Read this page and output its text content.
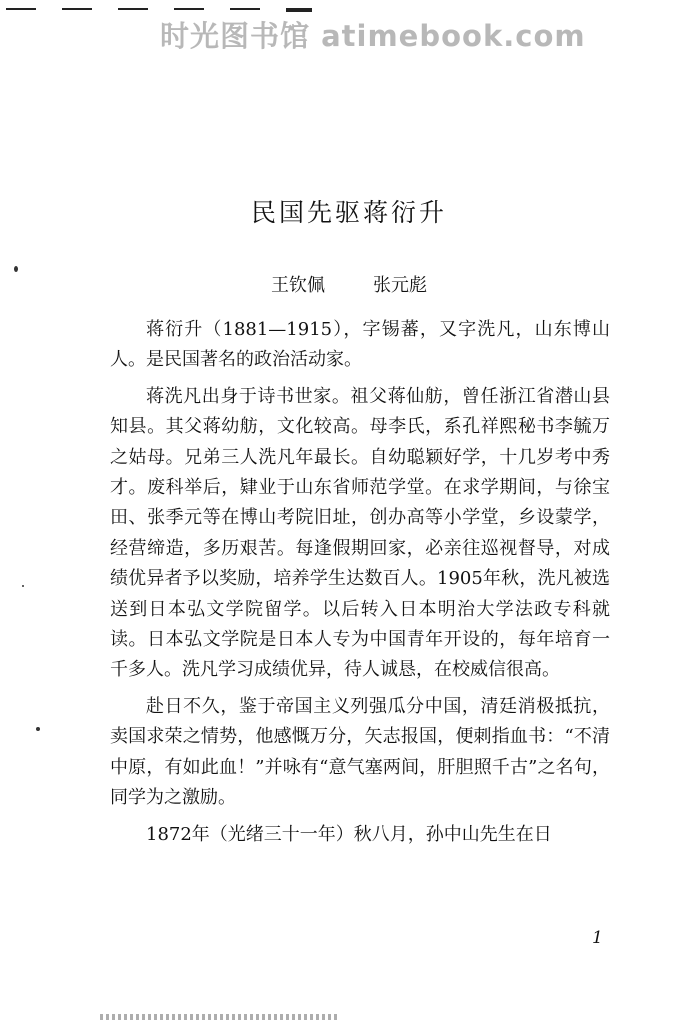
时光图书馆 atimebook.com
民国先驱蒋衍升
王钦佩	张元彪

蒋衍升（1881—1915），字锡蕃，又字洗凡，山东博山人。是民国著名的政治活动家。

蒋洗凡出身于诗书世家。祖父蒋仙舫，曾任浙江省潜山县知县。其父蒋幼舫，文化较高。母李氏，系孔祥熙秘书李毓万之姑母。兄弟三人洗凡年最长。自幼聪颖好学，十几岁考中秀才。废科举后，肄业于山东省师范学堂。在求学期间，与徐宝田、张季元等在博山考院旧址，创办高等小学堂，乡设蒙学，经营缔造，多历艰苦。每逢假期回家，必亲往巡视督导，对成绩优异者予以奖励，培养学生达数百人。1905年秋，洗凡被选送到日本弘文学院留学。以后转入日本明治大学法政专科就读。日本弘文学院是日本人专为中国青年开设的，每年培育一千多人。洗凡学习成绩优异，待人诚恳，在校威信很高。

赴日不久，鉴于帝国主义列强瓜分中国，清廷消极抵抗，卖国求荣之情势，他感慨万分，矢志报国，便刺指血书：“不清中原，有如此血！”并咏有“意气塞两间，肝胆照千古”之名句，同学为之激励。

1872年（光绪三十一年）秋八月，孙中山先生在日

1
